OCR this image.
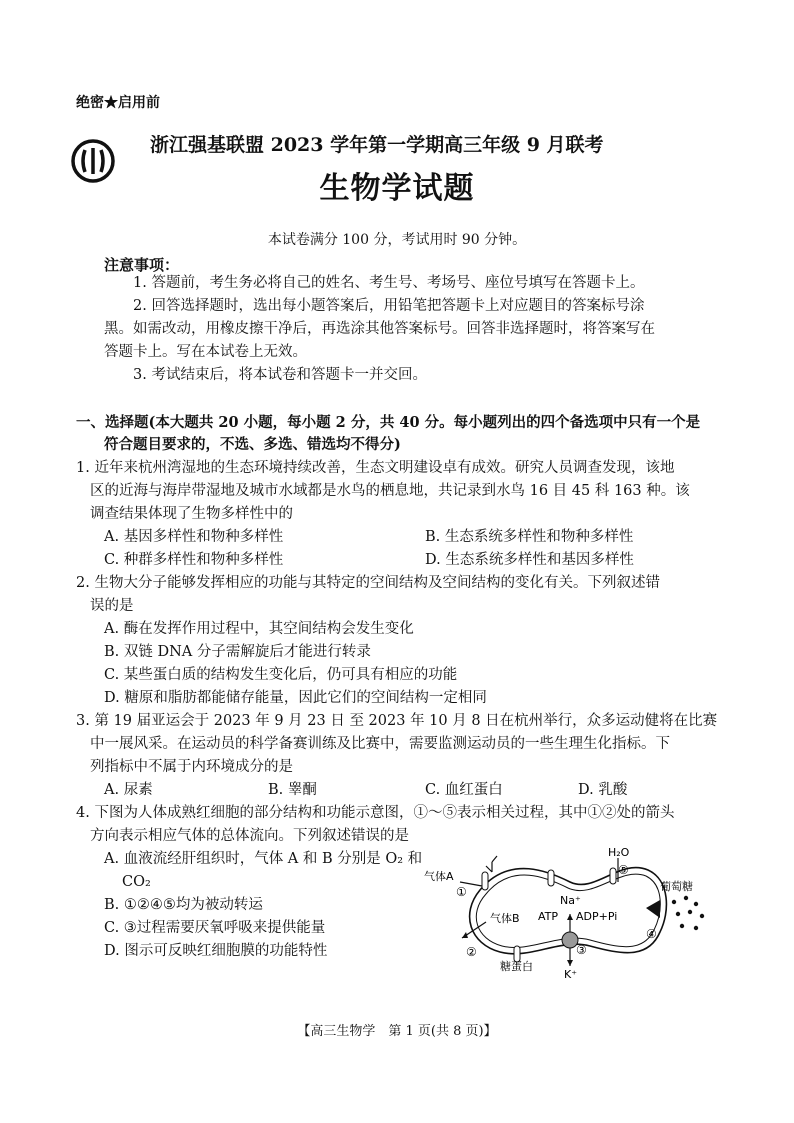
绝密★启用前
浙江强基联盟 2023 学年第一学期高三年级 9 月联考
生物学试题
本试卷满分 100 分，考试用时 90 分钟。
注意事项：
1. 答题前，考生务必将自己的姓名、考生号、考场号、座位号填写在答题卡上。
2. 回答选择题时，选出每小题答案后，用铅笔把答题卡上对应题目的答案标号涂
黑。如需改动，用橡皮擦干净后，再选涂其他答案标号。回答非选择题时，将答案写在
答题卡上。写在本试卷上无效。
3. 考试结束后，将本试卷和答题卡一并交回。
一、选择题(本大题共 20 小题，每小题 2 分，共 40 分。每小题列出的四个备选项中只有一个是
符合题目要求的，不选、多选、错选均不得分)
1. 近年来杭州湾湿地的生态环境持续改善，生态文明建设卓有成效。研究人员调查发现，该地
区的近海与海岸带湿地及城市水域都是水鸟的栖息地，共记录到水鸟 16 目 45 科 163 种。该
调查结果体现了生物多样性中的
A. 基因多样性和物种多样性	B. 生态系统多样性和物种多样性
C. 种群多样性和物种多样性	D. 生态系统多样性和基因多样性
2. 生物大分子能够发挥相应的功能与其特定的空间结构及空间结构的变化有关。下列叙述错
误的是
A. 酶在发挥作用过程中，其空间结构会发生变化
B. 双链 DNA 分子需解旋后才能进行转录
C. 某些蛋白质的结构发生变化后，仍可具有相应的功能
D. 糖原和脂肪都能储存能量，因此它们的空间结构一定相同
3. 第 19 届亚运会于 2023 年 9 月 23 日 至 2023 年 10 月 8 日在杭州举行，众多运动健将在比赛
中一展风采。在运动员的科学备赛训练及比赛中，需要监测运动员的一些生理生化指标。下
列指标中不属于内环境成分的是
A. 尿素	B. 睾酮	C. 血红蛋白	D. 乳酸
4. 下图为人体成熟红细胞的部分结构和功能示意图，①～⑤表示相关过程，其中①②处的箭头
方向表示相应气体的总体流向。下列叙述错误的是
A. 血液流经肝组织时，气体 A 和 B 分别是 O₂ 和
CO₂
B. ①②④⑤均为被动转运
C. ③过程需要厌氧呼吸来提供能量
D. 图示可反映红细胞膜的功能特性
H₂O
⑤
葡萄糖
气体A
①
Na⁺
ATP ADP+Pi
④
气体B
②	③
糖蛋白
K⁺
【高三生物学　第 1 页(共 8 页)】
